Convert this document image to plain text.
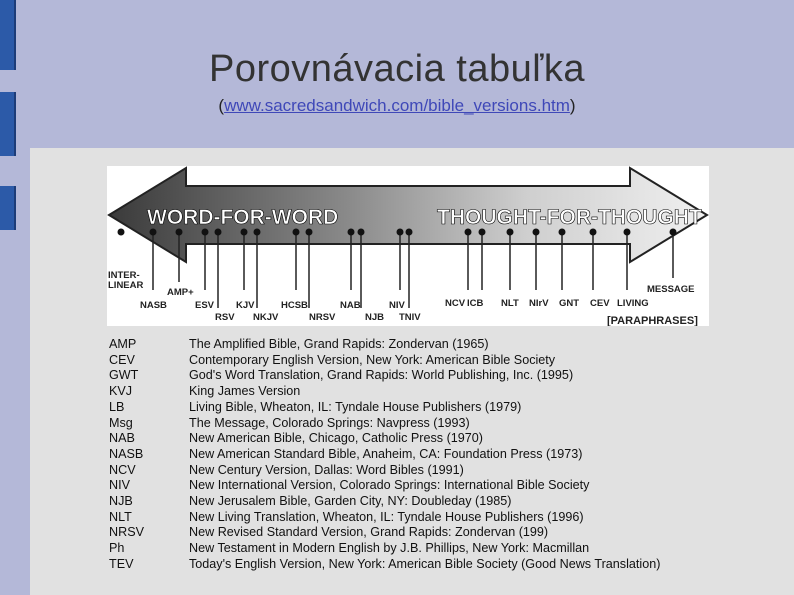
Porovnávacia tabuľka
(www.sacredsandwich.com/bible_versions.htm)
WORD-FOR-WORD	THOUGHT-FOR-THOUGHT
INTER-
LINEAR
NASB
AMP+
ESV
RSV
KJV
NKJV
HCSB
NRSV
NAB
NJB
NIV
TNIV
NCV ICB NLT NIrV GNT CEV LIVING
MESSAGE
[PARAPHRASES]
AMP	The Amplified Bible, Grand Rapids: Zondervan (1965)
CEV	Contemporary English Version, New York: American Bible Society
GWT	God's Word Translation, Grand Rapids: World Publishing, Inc. (1995)
KVJ	King James Version
LB	Living Bible, Wheaton, IL: Tyndale House Publishers (1979)
Msg	The Message, Colorado Springs: Navpress (1993)
NAB	New American Bible, Chicago, Catholic Press (1970)
NASB	New American Standard Bible, Anaheim, CA: Foundation Press (1973)
NCV	New Century Version, Dallas: Word Bibles (1991)
NIV	New International Version, Colorado Springs: International Bible Society
NJB	New Jerusalem Bible, Garden City, NY: Doubleday (1985)
NLT	New Living Translation, Wheaton, IL: Tyndale House Publishers (1996)
NRSV	New Revised Standard Version, Grand Rapids: Zondervan (199)
Ph	New Testament in Modern English by J.B. Phillips, New York: Macmillan
TEV	Today's English Version, New York: American Bible Society (Good News Translation)
